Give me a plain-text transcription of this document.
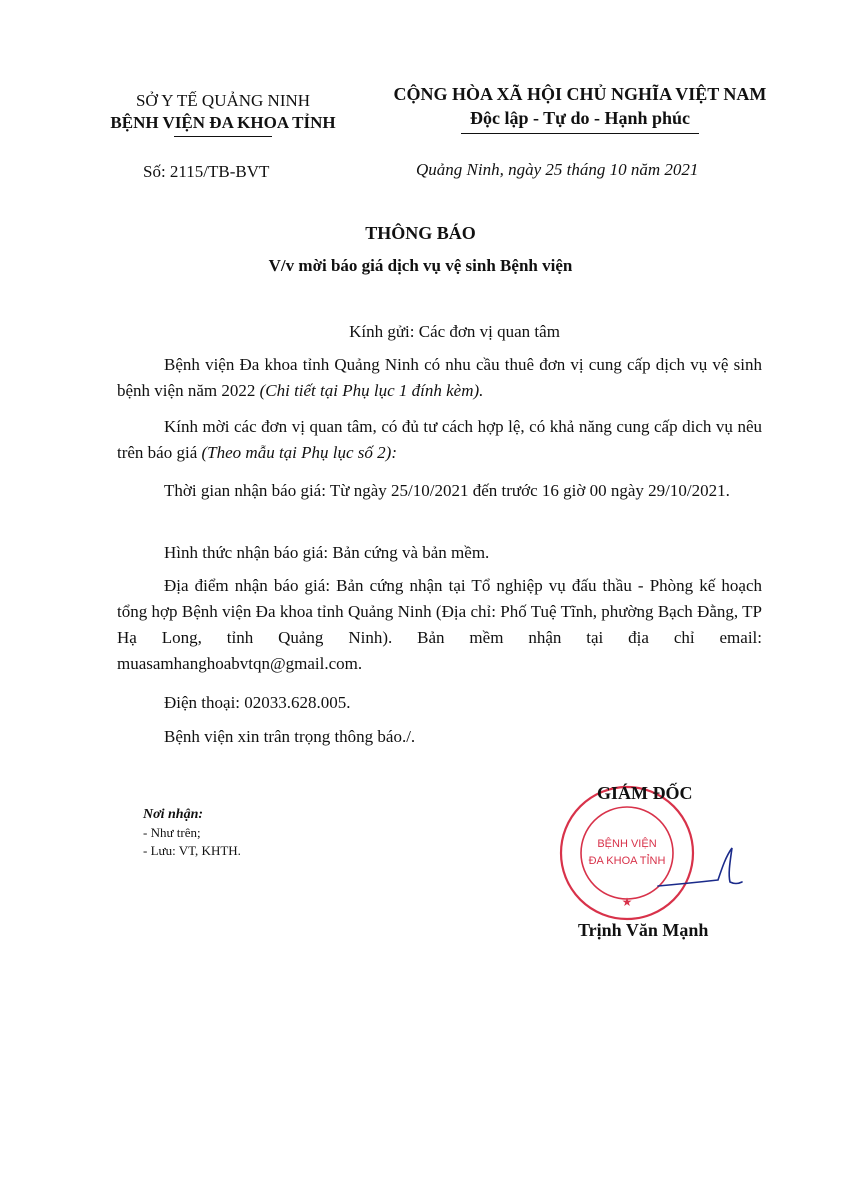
SỞ Y TẾ QUẢNG NINH
BỆNH VIỆN ĐA KHOA TỈNH
CỘNG HÒA XÃ HỘI CHỦ NGHĨA VIỆT NAM
Độc lập - Tự do - Hạnh phúc
Số: 2115/TB-BVT	Quảng Ninh, ngày 25 tháng 10 năm 2021
THÔNG BÁO
V/v mời báo giá dịch vụ vệ sinh Bệnh viện

Kính gửi: Các đơn vị quan tâm

Bệnh viện Đa khoa tỉnh Quảng Ninh có nhu cầu thuê đơn vị cung cấp dịch vụ vệ sinh bệnh viện năm 2022 (Chi tiết tại Phụ lục 1 đính kèm).

Kính mời các đơn vị quan tâm, có đủ tư cách hợp lệ, có khả năng cung cấp dich vụ nêu trên báo giá (Theo mẫu tại Phụ lục số 2):

Thời gian nhận báo giá: Từ ngày 25/10/2021 đến trước 16 giờ 00 ngày 29/10/2021.

Hình thức nhận báo giá: Bản cứng và bản mềm.

Địa điểm nhận báo giá: Bản cứng nhận tại Tổ nghiệp vụ đấu thầu - Phòng kế hoạch tổng hợp Bệnh viện Đa khoa tỉnh Quảng Ninh (Địa chỉ: Phố Tuệ Tĩnh, phường Bạch Đằng, TP Hạ Long, tỉnh Quảng Ninh). Bản mềm nhận tại địa chỉ email: muasamhanghoabvtqn@gmail.com.

Điện thoại: 02033.628.005.

Bệnh viện xin trân trọng thông báo./.

Nơi nhận:
- Như trên;
- Lưu: VT, KHTH.	BỆNH VIỆN
ĐA KHOA TỈNH
★
GIÁM ĐỐC
Trịnh Văn Mạnh
